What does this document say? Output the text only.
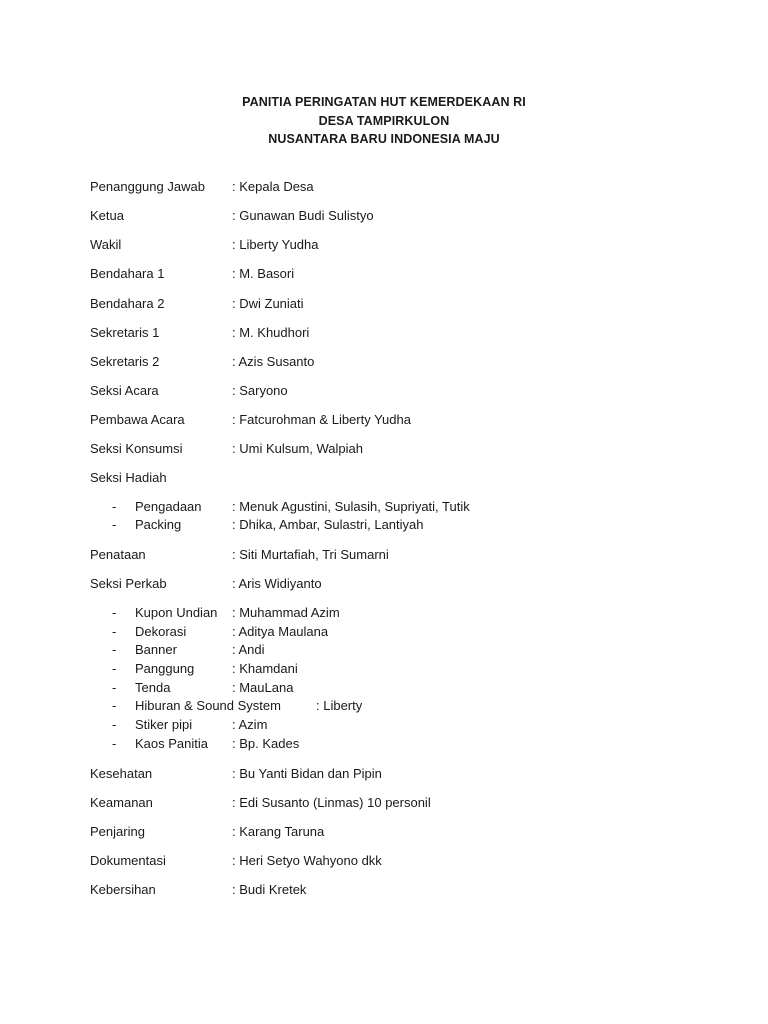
PANITIA PERINGATAN HUT KEMERDEKAAN RI
DESA TAMPIRKULON
NUSANTARA BARU INDONESIA MAJU
Penanggung Jawab : Kepala Desa
Ketua	: Gunawan Budi Sulistyo
Wakil	: Liberty Yudha
Bendahara 1	: M. Basori
Bendahara 2	: Dwi Zuniati
Sekretaris 1	: M. Khudhori
Sekretaris 2	: Azis Susanto
Seksi Acara	: Saryono
Pembawa Acara	: Fatcurohman & Liberty Yudha
Seksi Konsumsi	: Umi Kulsum, Walpiah
Seksi Hadiah
- Pengadaan : Menuk Agustini, Sulasih, Supriyati, Tutik
- Packing	: Dhika, Ambar, Sulastri, Lantiyah
Penataan	: Siti Murtafiah, Tri Sumarni
Seksi Perkab	: Aris Widiyanto
- Kupon Undian : Muhammad Azim
- Dekorasi	: Aditya Maulana
- Banner	: Andi
- Panggung	: Khamdani
- Tenda	: MauLana
- Hiburan & Sound System	: Liberty
- Stiker pipi	: Azim
- Kaos Panitia : Bp. Kades
Kesehatan	: Bu Yanti Bidan dan Pipin
Keamanan	: Edi Susanto (Linmas) 10 personil
Penjaring	: Karang Taruna
Dokumentasi	: Heri Setyo Wahyono dkk
Kebersihan	: Budi Kretek
